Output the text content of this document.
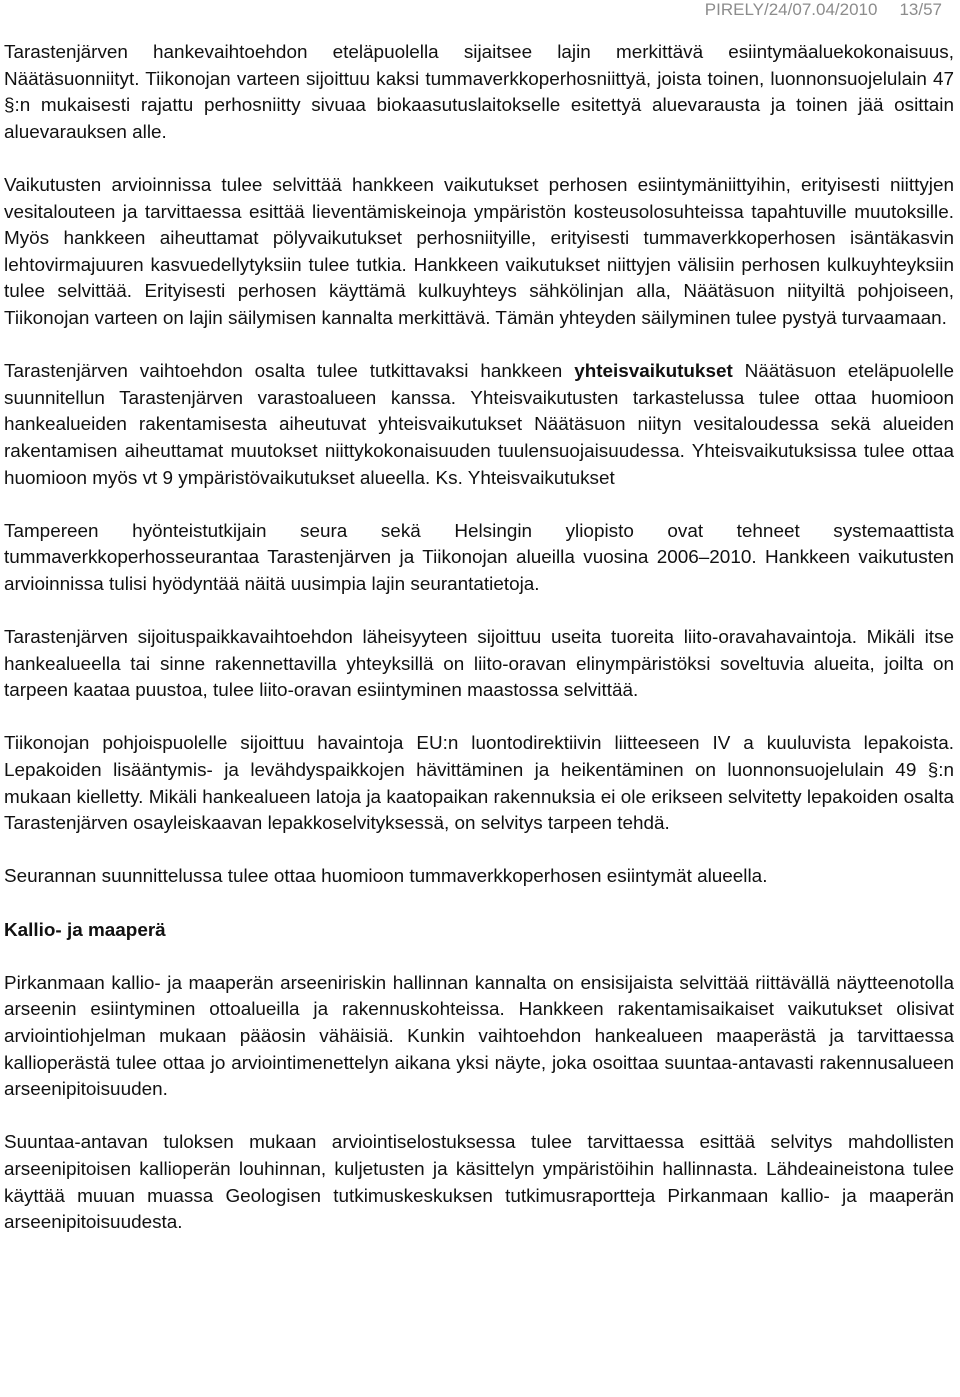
PIRELY/24/07.04/2010 13/57

Tarastenjärven hankevaihtoehdon eteläpuolella sijaitsee lajin merkittävä esiintymäaluekokonaisuus, Näätäsuonniityt. Tiikonojan varteen sijoittuu kaksi tummaverkkoperhosniittyä, joista toinen, luonnonsuojelulain 47 §:n mukaisesti rajattu perhosniitty sivuaa biokaasutuslaitokselle esitettyä aluevarausta ja toinen jää osittain aluevarauksen alle.

Vaikutusten arvioinnissa tulee selvittää hankkeen vaikutukset perhosen esiintymäniittyihin, erityisesti niittyjen vesitalouteen ja tarvittaessa esittää lieventämiskeinoja ympäristön kosteusolosuhteissa tapahtuville muutoksille. Myös hankkeen aiheuttamat pölyvaikutukset perhosniityille, erityisesti tummaverkkoperhosen isäntäkasvin lehtovirmajuuren kasvuedellytyksiin tulee tutkia. Hankkeen vaikutukset niittyjen välisiin perhosen kulkuyhteyksiin tulee selvittää. Erityisesti perhosen käyttämä kulkuyhteys sähkölinjan alla, Näätäsuon niityiltä pohjoiseen, Tiikonojan varteen on lajin säilymisen kannalta merkittävä. Tämän yhteyden säilyminen tulee pystyä turvaamaan.

Tarastenjärven vaihtoehdon osalta tulee tutkittavaksi hankkeen yhteisvaikutukset Näätäsuon eteläpuolelle suunnitellun Tarastenjärven varastoalueen kanssa. Yhteisvaikutusten tarkastelussa tulee ottaa huomioon hankealueiden rakentamisesta aiheutuvat yhteisvaikutukset Näätäsuon niityn vesitaloudessa sekä alueiden rakentamisen aiheuttamat muutokset niittykokonaisuuden tuulensuojaisuudessa. Yhteisvaikutuksissa tulee ottaa huomioon myös vt 9 ympäristövaikutukset alueella. Ks. Yhteisvaikutukset

Tampereen hyönteistutkijain seura sekä Helsingin yliopisto ovat tehneet systemaattista tummaverkkoperhosseurantaa Tarastenjärven ja Tiikonojan alueilla vuosina 2006–2010. Hankkeen vaikutusten arvioinnissa tulisi hyödyntää näitä uusimpia lajin seurantatietoja.

Tarastenjärven sijoituspaikkavaihtoehdon läheisyyteen sijoittuu useita tuoreita liito-oravahavaintoja. Mikäli itse hankealueella tai sinne rakennettavilla yhteyksillä on liito-oravan elinympäristöksi soveltuvia alueita, joilta on tarpeen kaataa puustoa, tulee liito-oravan esiintyminen maastossa selvittää.

Tiikonojan pohjoispuolelle sijoittuu havaintoja EU:n luontodirektiivin liitteeseen IV a kuuluvista lepakoista. Lepakoiden lisääntymis- ja levähdyspaikkojen hävittäminen ja heikentäminen on luonnonsuojelulain 49 §:n mukaan kielletty. Mikäli hankealueen latoja ja kaatopaikan rakennuksia ei ole erikseen selvitetty lepakoiden osalta Tarastenjärven osayleiskaavan lepakkoselvityksessä, on selvitys tarpeen tehdä.

Seurannan suunnittelussa tulee ottaa huomioon tummaverkkoperhosen esiintymät alueella.

Kallio- ja maaperä

Pirkanmaan kallio- ja maaperän arseeniriskin hallinnan kannalta on ensisijaista selvittää riittävällä näytteenotolla arseenin esiintyminen ottoalueilla ja rakennuskohteissa. Hankkeen rakentamisaikaiset vaikutukset olisivat arviointiohjelman mukaan pääosin vähäisiä. Kunkin vaihtoehdon hankealueen maaperästä ja tarvittaessa kallioperästä tulee ottaa jo arviointimenettelyn aikana yksi näyte, joka osoittaa suuntaa-antavasti rakennusalueen arseenipitoisuuden.

Suuntaa-antavan tuloksen mukaan arviointiselostuksessa tulee tarvittaessa esittää selvitys mahdollisten arseenipitoisen kallioperän louhinnan, kuljetusten ja käsittelyn ympäristöihin hallinnasta. Lähdeaineistona tulee käyttää muuan muassa Geologisen tutkimuskeskuksen tutkimusraportteja Pirkanmaan kallio- ja maaperän arseenipitoisuudesta.
